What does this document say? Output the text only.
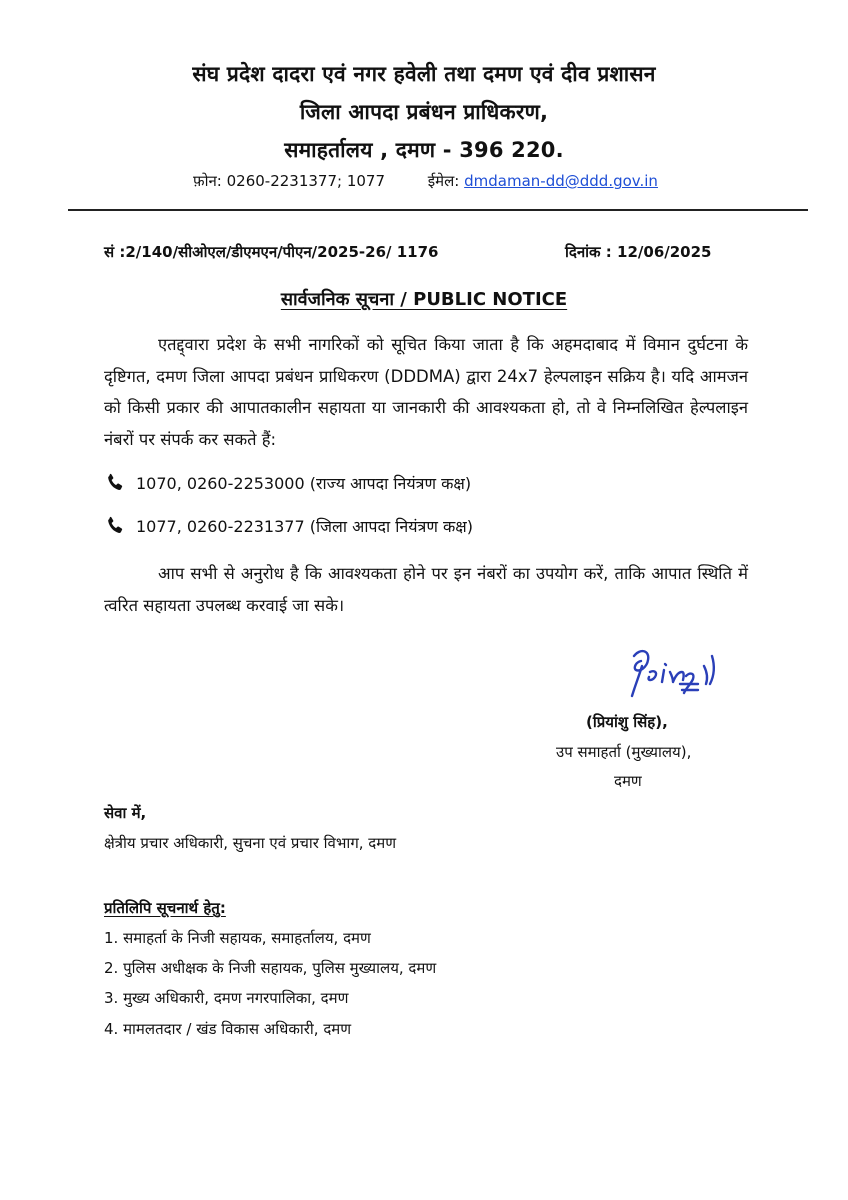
संघ प्रदेश दादरा एवं नगर हवेली तथा दमण एवं दीव प्रशासन
जिला आपदा प्रबंधन प्राधिकरण,
समाहर्तालय , दमण - 396 220.
फ़ोन: 0260-2231377; 1077	ईमेल: dmdaman-dd@ddd.gov.in
सं :2/140/सीओएल/डीएमएन/पीएन/2025-26/ 1176	दिनांक : 12/06/2025
सार्वजनिक सूचना / PUBLIC NOTICE
एतद्द्वारा प्रदेश के सभी नागरिकों को सूचित किया जाता है कि अहमदाबाद में विमान दुर्घटना के दृष्टिगत, दमण जिला आपदा प्रबंधन प्राधिकरण (DDDMA) द्वारा 24x7 हेल्पलाइन सक्रिय है। यदि आमजन को किसी प्रकार की आपातकालीन सहायता या जानकारी की आवश्यकता हो, तो वे निम्नलिखित हेल्पलाइन नंबरों पर संपर्क कर सकते हैं:
1070, 0260-2253000 (राज्य आपदा नियंत्रण कक्ष)
1077, 0260-2231377 (जिला आपदा नियंत्रण कक्ष)
आप सभी से अनुरोध है कि आवश्यकता होने पर इन नंबरों का उपयोग करें, ताकि आपात स्थिति में त्वरित सहायता उपलब्ध करवाई जा सके।
(प्रियांशु सिंह),
उप समाहर्ता (मुख्यालय),
दमण
सेवा में,
क्षेत्रीय प्रचार अधिकारी, सुचना एवं प्रचार विभाग, दमण
प्रतिलिपि सूचनार्थ हेतु:
1. समाहर्ता के निजी सहायक, समाहर्तालय, दमण
2. पुलिस अधीक्षक के निजी सहायक, पुलिस मुख्यालय, दमण
3. मुख्य अधिकारी, दमण नगरपालिका, दमण
4. मामलतदार / खंड विकास अधिकारी, दमण
